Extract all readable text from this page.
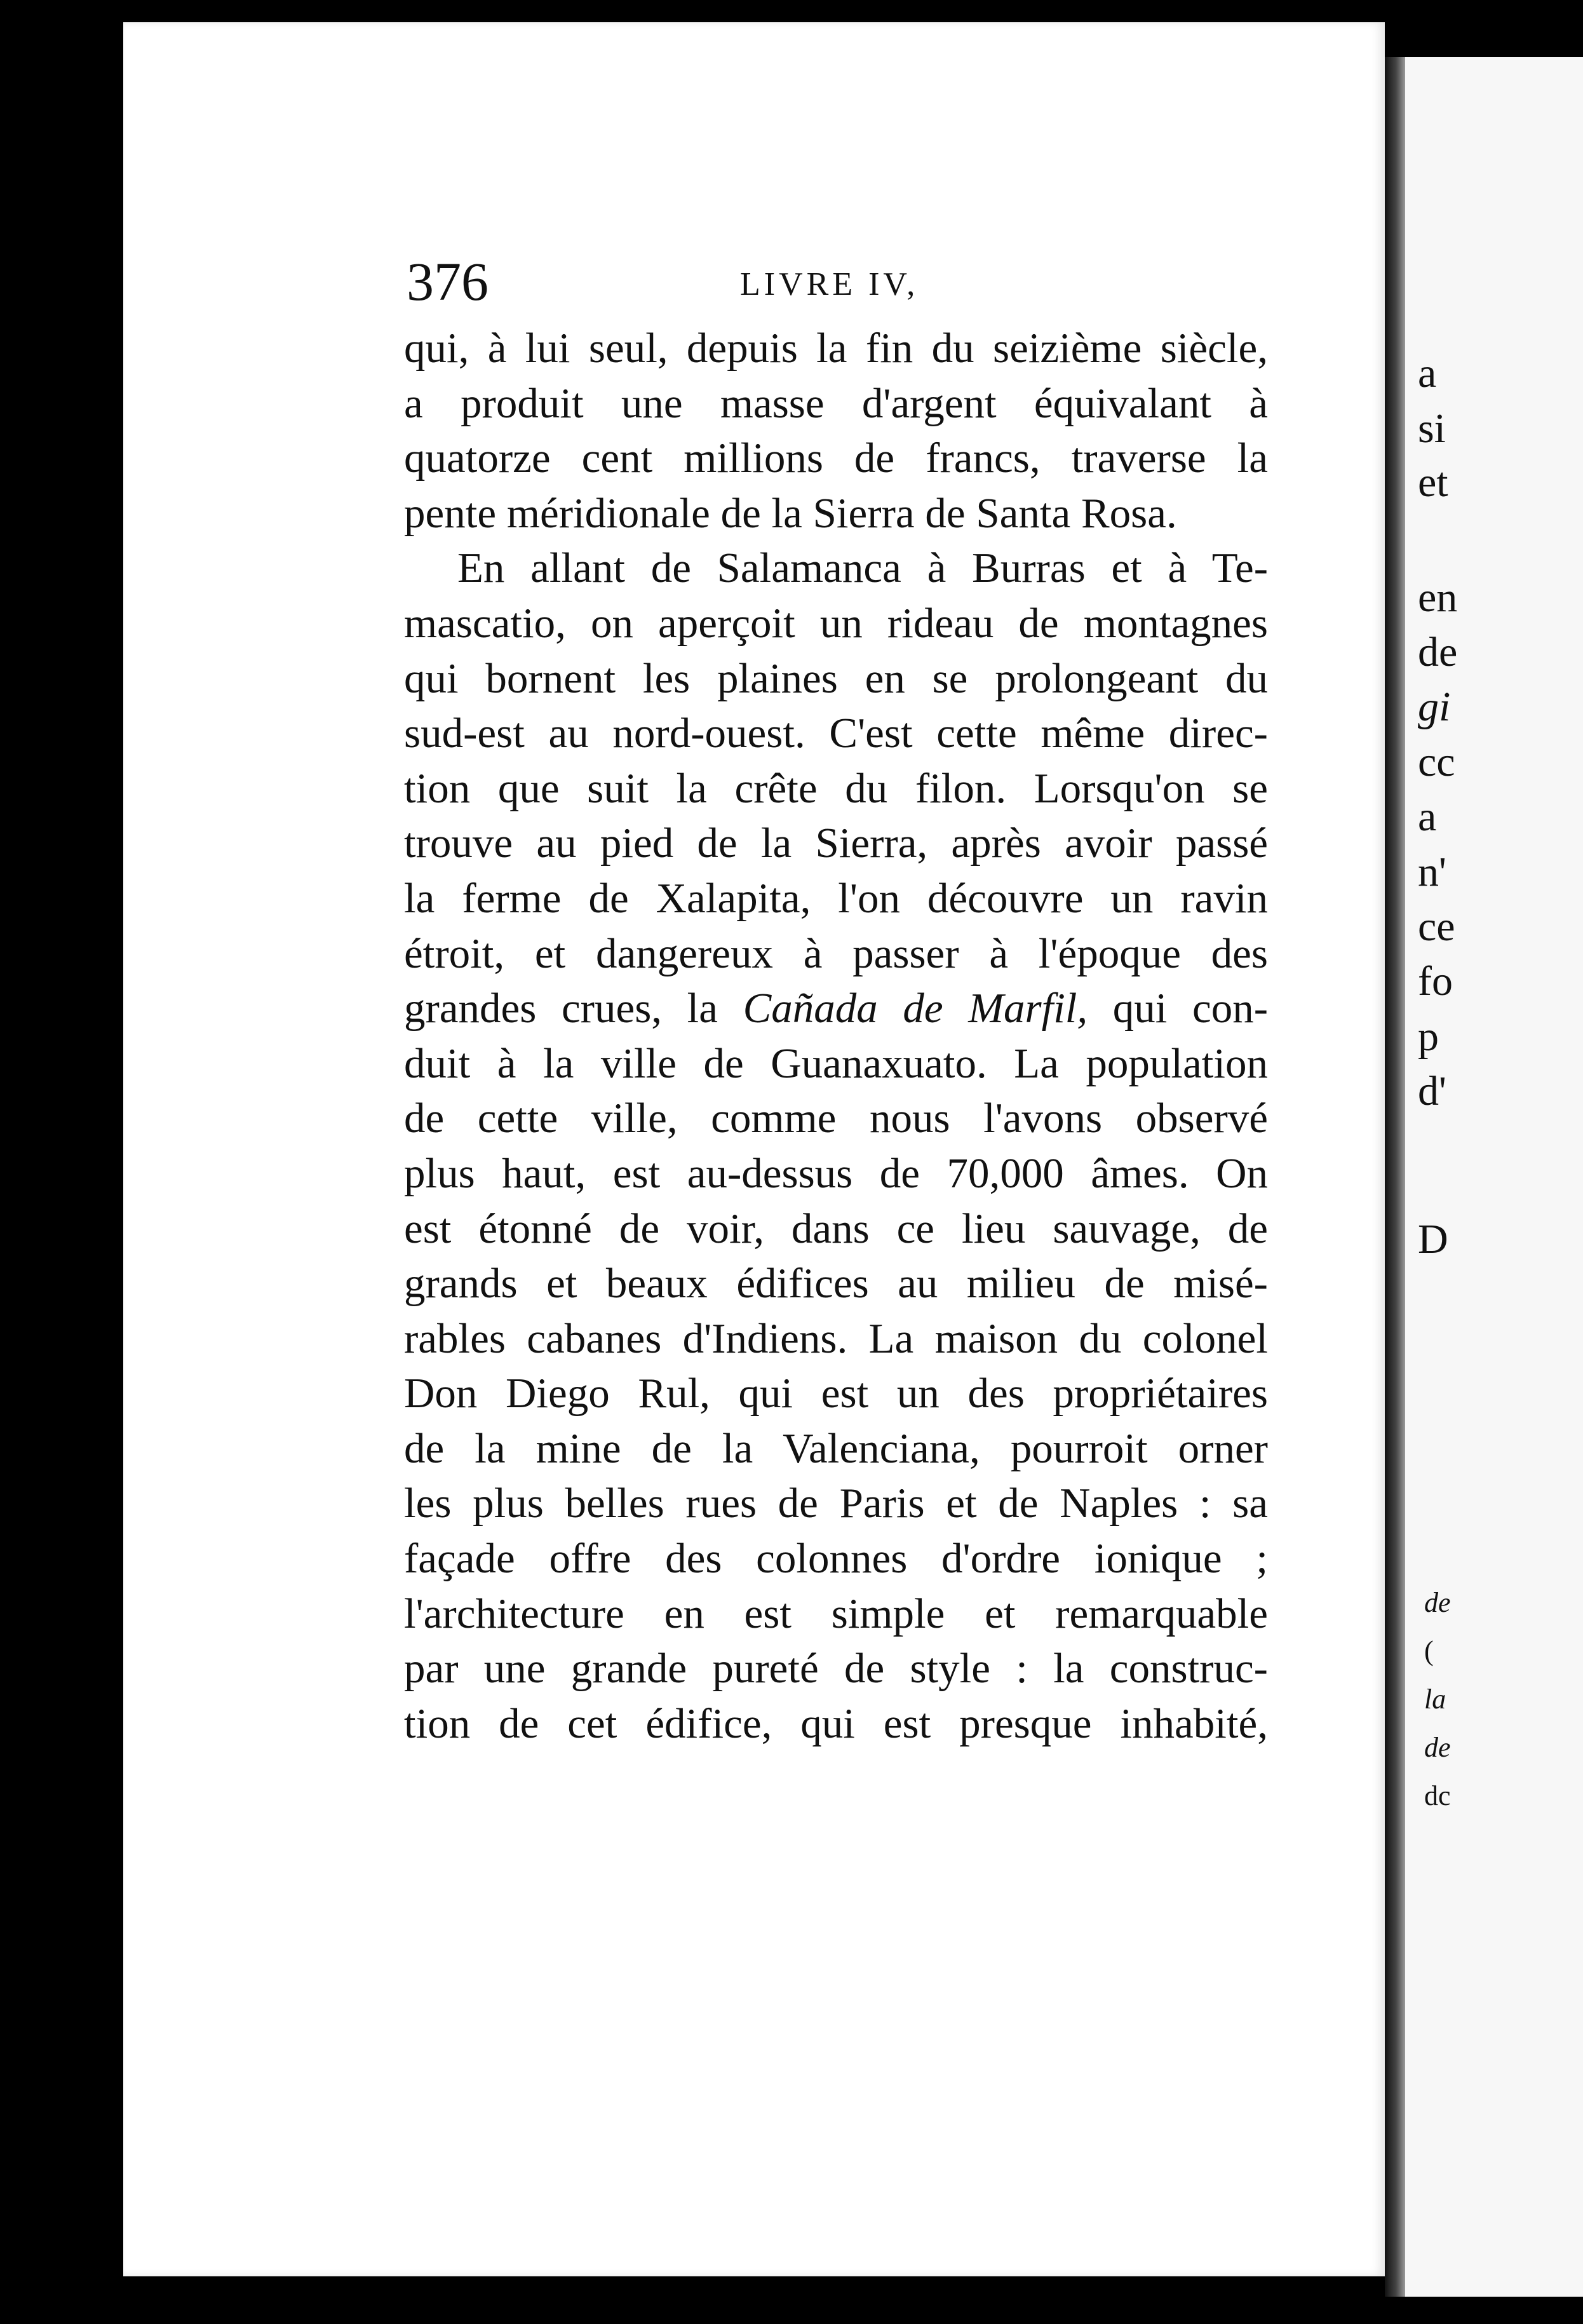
376	LIVRE IV,
qui, à lui seul, depuis la fin du seizième siècle,
a produit une masse d'argent équivalant à
quatorze cent millions de francs, traverse la
pente méridionale de la Sierra de Santa Rosa.
En allant de Salamanca à Burras et à Te-
mascatio, on aperçoit un rideau de montagnes
qui bornent les plaines en se prolongeant du
sud-est au nord-ouest. C'est cette même direc-
tion que suit la crête du filon. Lorsqu'on se
trouve au pied de la Sierra, après avoir passé
la ferme de Xalapita, l'on découvre un ravin
étroit, et dangereux à passer à l'époque des
grandes crues, la Cañada de Marfil, qui con-
duit à la ville de Guanaxuato. La population
de cette ville, comme nous l'avons observé
plus haut, est au-dessus de 70,000 âmes. On
est étonné de voir, dans ce lieu sauvage, de
grands et beaux édifices au milieu de misé-
rables cabanes d'Indiens. La maison du colonel
Don Diego Rul, qui est un des propriétaires
de la mine de la Valenciana, pourroit orner
les plus belles rues de Paris et de Naples : sa
façade offre des colonnes d'ordre ionique ;
l'architecture en est simple et remarquable
par une grande pureté de style : la construc-
tion de cet édifice, qui est presque inhabité,
a
si
et
en
de
gi
cc
a
n'
ce
fo
p
d'
D
de
(
la
de
dc
